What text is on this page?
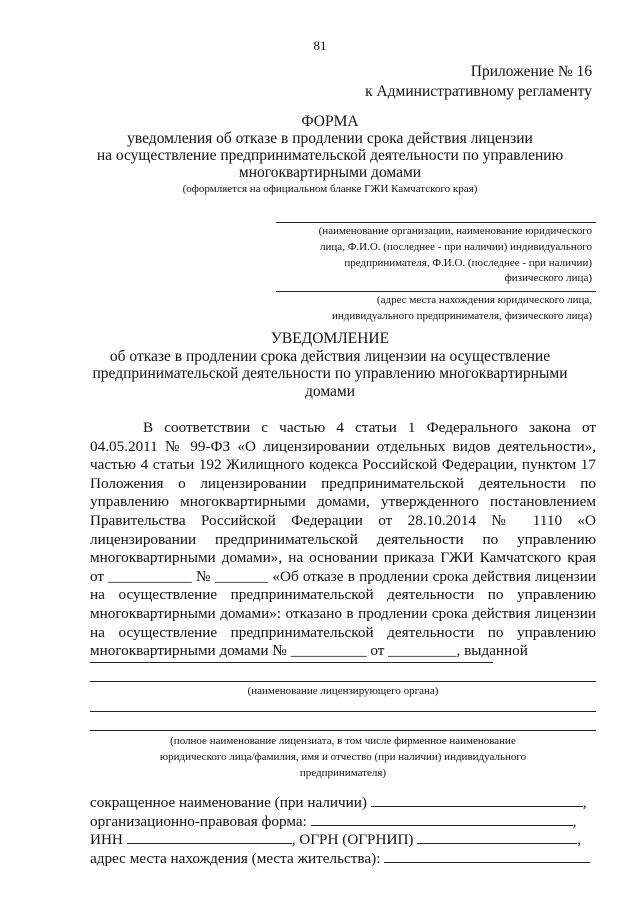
81
Приложение № 16
к Административному регламенту
ФОРМА
уведомления об отказе в продлении срока действия лицензии
на осуществление предпринимательской деятельности по управлению
многоквартирными домами
(оформляется на официальном бланке ГЖИ Камчатского края)
(наименование организации, наименование юридического
лица, Ф.И.О. (последнее - при наличии) индивидуального
предпринимателя, Ф.И.О. (последнее - при наличии)
физического лица)
(адрес места нахождения юридического лица,
индивидуального предпринимателя, физического лица)
УВЕДОМЛЕНИЕ
об отказе в продлении срока действия лицензии на осуществление
предпринимательской деятельности по управлению многоквартирными
домами

В соответствии с частью 4 статьи 1 Федерального закона от 04.05.2011 № 99-ФЗ «О лицензировании отдельных видов деятельности», частью 4 статьи 192 Жилищного кодекса Российской Федерации, пунктом 17 Положения о лицензировании предпринимательской деятельности по управлению многоквартирными домами, утвержденного постановлением Правительства Российской Федерации от 28.10.2014 № 1110 «О лицензировании предпринимательской деятельности по управлению многоквартирными домами», на основании приказа ГЖИ Камчатского края от ___________ № _______ «Об отказе в продлении срока действия лицензии на осуществление предпринимательской деятельности по управлению многоквартирными домами»: отказано в продлении срока действия лицензии на осуществление предпринимательской деятельности по управлению многоквартирными домами № __________ от _________, выданной

(наименование лицензирующего органа)
(полное наименование лицензиата, в том числе фирменное наименование
юридического лица/фамилия, имя и отчество (при наличии) индивидуального
предпринимателя)
сокращенное наименование (при наличии)	,
организационно-правовая форма:	,
ИНН	, ОГРН (ОГРНИП)	,
адрес места нахождения (места жительства):
